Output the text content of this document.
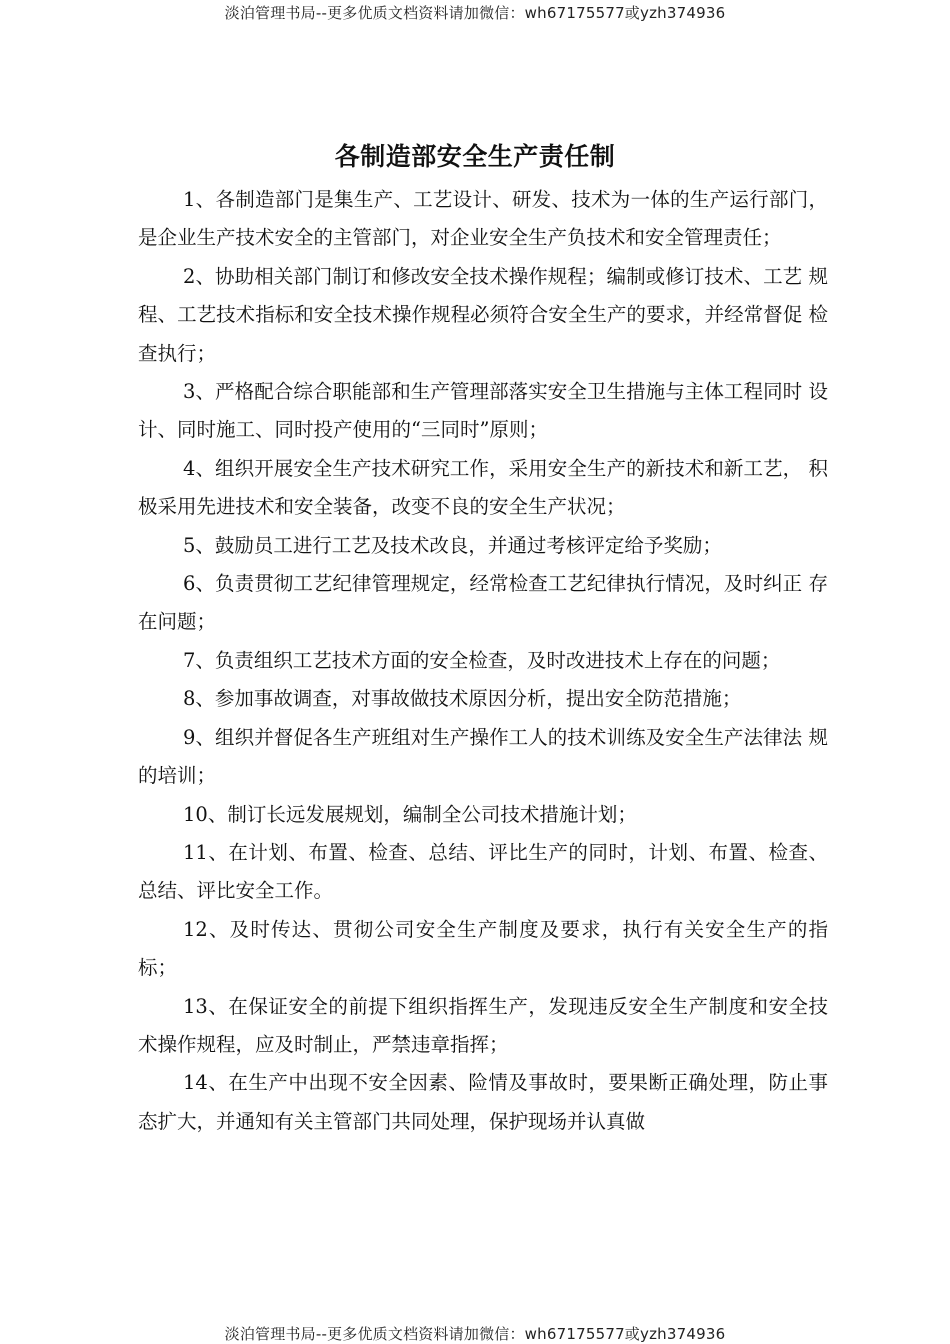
淡泊管理书局--更多优质文档资料请加微信：wh67175577或yzh374936
各制造部安全生产责任制

1、各制造部门是集生产、工艺设计、研发、技术为一体的生产运行部门， 是企业生产技术安全的主管部门，对企业安全生产负技术和安全管理责任；

2、协助相关部门制订和修改安全技术操作规程；编制或修订技术、工艺 规程、工艺技术指标和安全技术操作规程必须符合安全生产的要求，并经常督促 检查执行；

3、严格配合综合职能部和生产管理部落实安全卫生措施与主体工程同时 设计、同时施工、同时投产使用的“三同时”原则；

4、组织开展安全生产技术研究工作，采用安全生产的新技术和新工艺， 积极采用先进技术和安全装备，改变不良的安全生产状况；

5、鼓励员工进行工艺及技术改良，并通过考核评定给予奖励；

6、负责贯彻工艺纪律管理规定，经常检查工艺纪律执行情况，及时纠正 存在问题；

7、负责组织工艺技术方面的安全检查，及时改进技术上存在的问题；

8、参加事故调查，对事故做技术原因分析，提出安全防范措施；

9、组织并督促各生产班组对生产操作工人的技术训练及安全生产法律法 规的培训；

10、制订长远发展规划，编制全公司技术措施计划；

11、在计划、布置、检查、总结、评比生产的同时，计划、布置、检查、 总结、评比安全工作。

12、及时传达、贯彻公司安全生产制度及要求，执行有关安全生产的指标；

13、在保证安全的前提下组织指挥生产，发现违反安全生产制度和安全技术操作规程，应及时制止，严禁违章指挥；

14、在生产中出现不安全因素、险情及事故时，要果断正确处理，防止事 态扩大，并通知有关主管部门共同处理，保护现场并认真做

淡泊管理书局--更多优质文档资料请加微信：wh67175577或yzh374936
